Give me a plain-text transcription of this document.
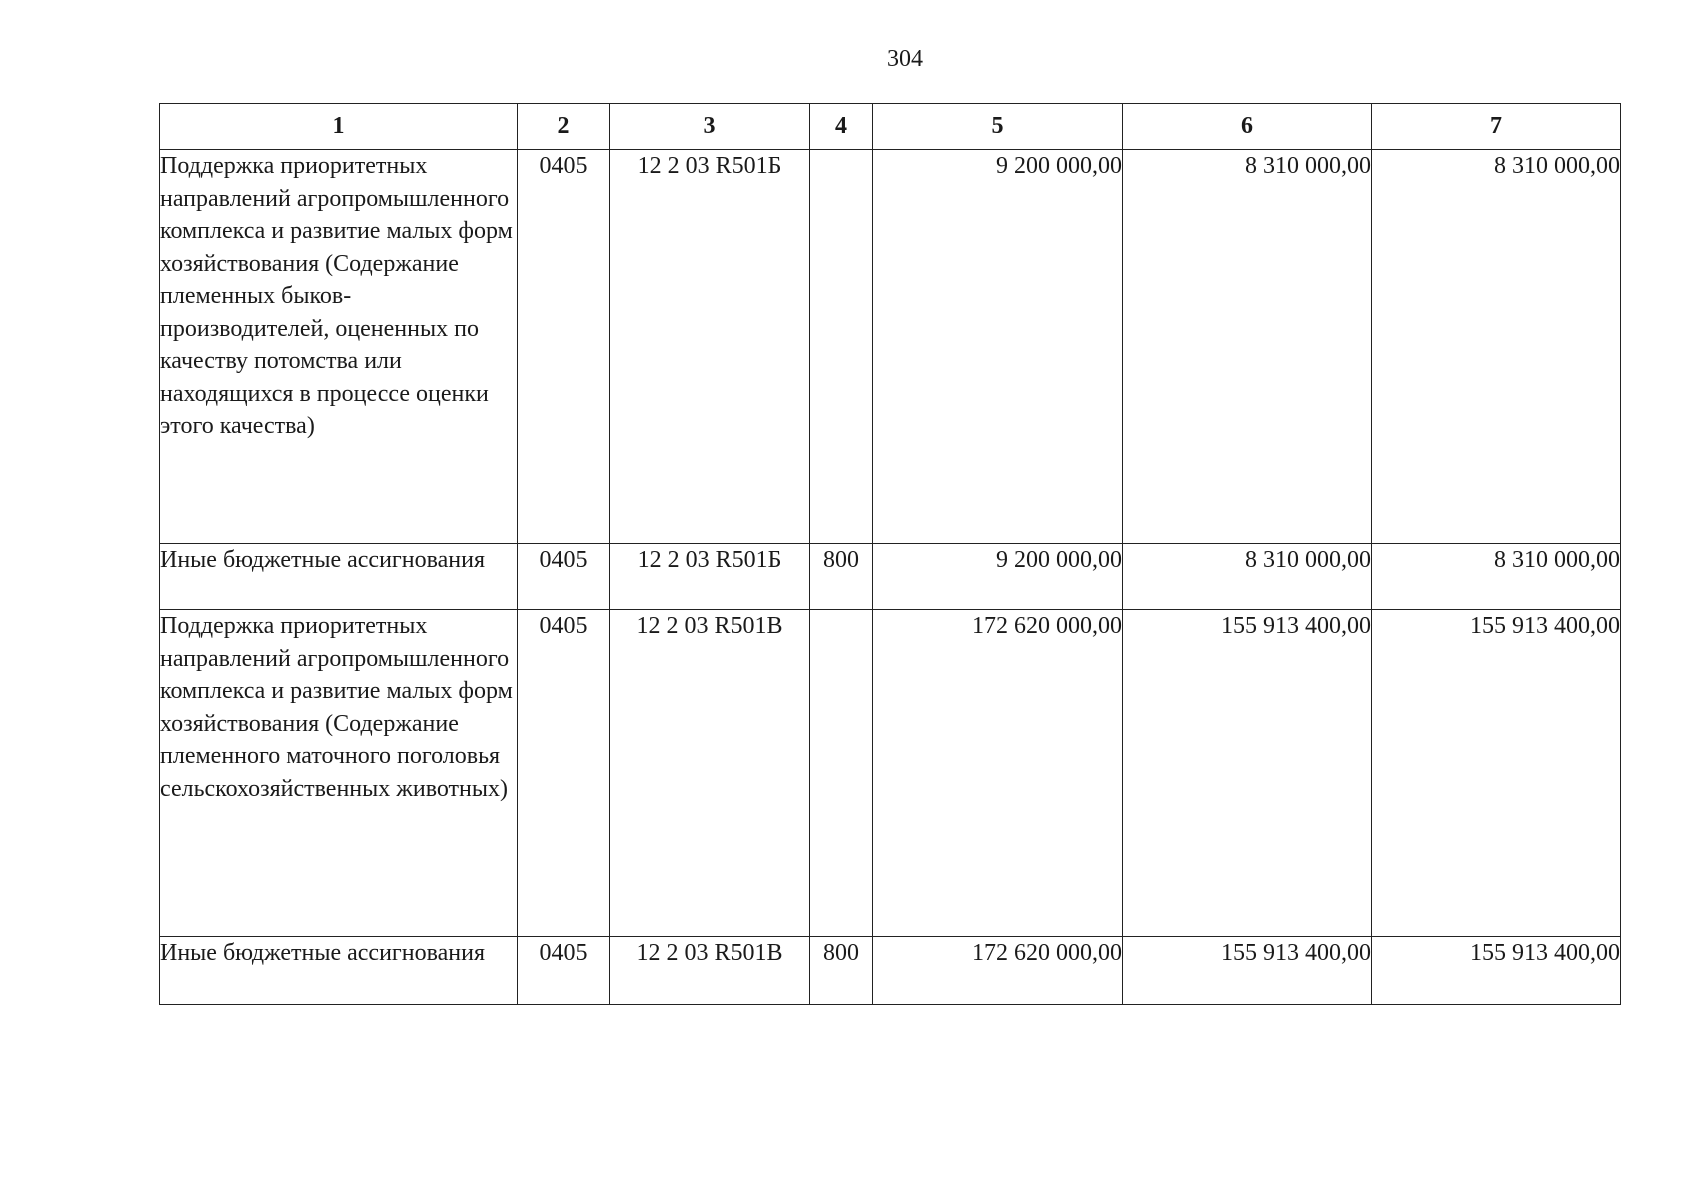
304
1	2	3	4	5	6	7
Поддержка приоритетных направлений агропромышленного комплекса и развитие малых форм хозяйствования (Содержание племенных быков-производителей, оцененных по качеству потомства или находящихся в процессе оценки этого качества)	0405	12 2 03 R501Б		9 200 000,00	8 310 000,00	8 310 000,00
Иные бюджетные ассигнования	0405	12 2 03 R501Б	800	9 200 000,00	8 310 000,00	8 310 000,00
Поддержка приоритетных направлений агропромышленного комплекса и развитие малых форм хозяйствования (Содержание племенного маточного поголовья сельскохозяйственных животных)	0405	12 2 03 R501В		172 620 000,00	155 913 400,00	155 913 400,00
Иные бюджетные ассигнования	0405	12 2 03 R501В	800	172 620 000,00	155 913 400,00	155 913 400,00
